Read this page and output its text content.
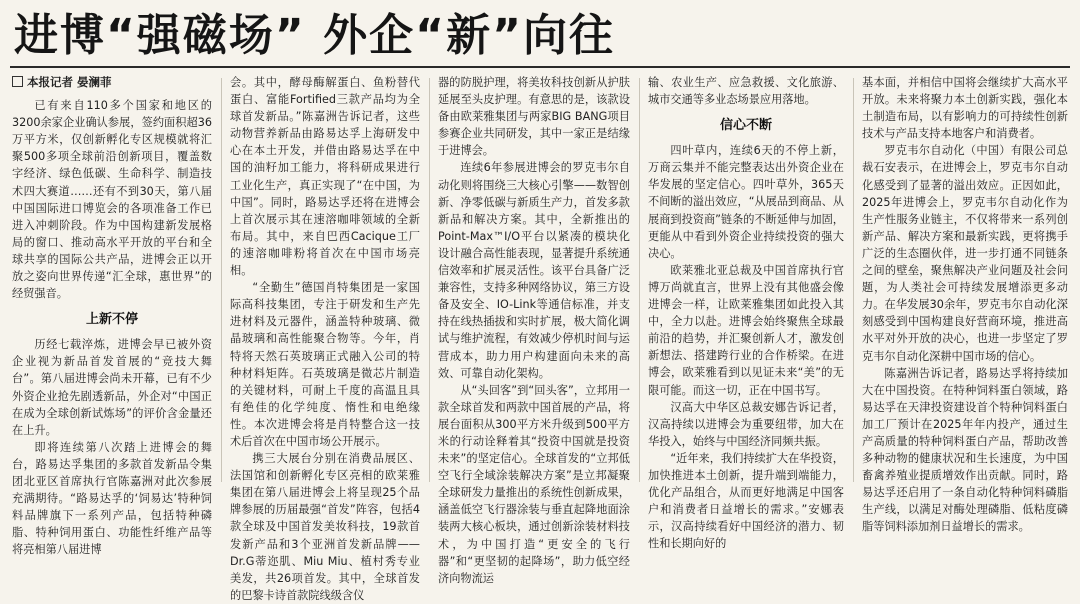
进博“强磁场” 外企“新”向往
本报记者 晏澜菲

已有来自110多个国家和地区的3200余家企业确认参展，签约面积超36万平方米，仅创新孵化专区规模就将汇聚500多项全球前沿创新项目，覆盖数字经济、绿色低碳、生命科学、制造技术四大赛道……还有不到30天，第八届中国国际进口博览会的各项准备工作已进入冲刺阶段。作为中国构建新发展格局的窗口、推动高水平开放的平台和全球共享的国际公共产品，进博会正以开放之姿向世界传递“汇全球，惠世界”的经贸强音。

上新不停

历经七载淬炼，进博会早已被外资企业视为新品首发首展的“竞技大舞台”。第八届进博会尚未开幕，已有不少外资企业抢先剧透新品，外企对“中国正在成为全球创新试炼场”的评价含金量还在上升。

即将连续第八次踏上进博会的舞台，路易达孚集团的多款首发新品令集团北亚区首席执行官陈嘉洲对此次参展充满期待。“路易达孚的‘饲易达’特种饲料品牌旗下一系列产品，包括特种磷脂、特种饲用蛋白、功能性纤维产品等将亮相第八届进博

会。其中，酵母酶解蛋白、鱼粉替代蛋白、富能Fortified三款产品均为全球首发新品。”陈嘉洲告诉记者，这些动物营养新品由路易达孚上海研发中心在本土开发，并借由路易达孚在中国的油籽加工能力，将科研成果进行工业化生产，真正实现了“在中国，为中国”。同时，路易达孚还将在进博会上首次展示其在速溶咖啡领域的全新布局。其中，来自巴西Cacique工厂的速溶咖啡粉将首次在中国市场亮相。

“全勤生”德国肖特集团是一家国际高科技集团，专注于研发和生产先进材料及元器件，涵盖特种玻璃、微晶玻璃和高性能聚合物等。今年，肖特将天然石英玻璃正式融入公司的特种材料矩阵。石英玻璃是微芯片制造的关键材料，可耐上千度的高温且具有绝佳的化学纯度、惰性和电绝缘性。本次进博会将是肖特整合这一技术后首次在中国市场公开展示。

携三大展台分别在消费品展区、法国馆和创新孵化专区亮相的欧莱雅集团在第八届进博会上将呈现25个品牌参展的历届最强“首发”阵容，包括4款全球及中国首发美妆科技，19款首发新产品和3个亚洲首发新品牌——Dr.G蒂迩肌、Miu Miu、植村秀专业美发，共26项首发。其中，全球首发的巴黎卡诗首款院线级含仪

器的防脱护理，将美妆科技创新从护肤延展至头皮护理。有意思的是，该款设备由欧莱雅集团与两家BIG BANG项目参赛企业共同研发，其中一家正是结缘于进博会。

连续6年参展进博会的罗克韦尔自动化则将围绕三大核心引擎——数智创新、净零低碳与新质生产力，首发多款新品和解决方案。其中，全新推出的Point-Max™I/O平台以紧凑的模块化设计融合高性能表现，显著提升系统通信效率和扩展灵活性。该平台具备广泛兼容性，支持多种网络协议，第三方设备及安全、IO-Link等通信标准，并支持在线热插拔和实时扩展，极大简化调试与维护流程，有效减少停机时间与运营成本，助力用户构建面向未来的高效、可靠自动化架构。

从“头回客”到“回头客”，立邦用一款全球首发和两款中国首展的产品，将展台面积从300平方米升级到500平方米的行动诠释着其“投资中国就是投资未来”的坚定信心。全球首发的“立邦低空飞行全域涂装解决方案”是立邦凝聚全球研发力量推出的系统性创新成果，涵盖低空飞行器涂装与垂直起降地面涂装两大核心板块，通过创新涂装材料技术，为中国打造“更安全的飞行器”和“更坚韧的起降场”，助力低空经济向物流运

输、农业生产、应急救援、文化旅游、城市交通等多业态场景应用落地。

信心不断

四叶草内，连续6天的不停上新，万商云集并不能完整表达出外资企业在华发展的坚定信心。四叶草外，365天不间断的溢出效应，“从展品到商品、从展商到投资商”链条的不断延伸与加固，更能从中看到外资企业持续投资的强大决心。

欧莱雅北亚总裁及中国首席执行官博万尚就直言，世界上没有其他盛会像进博会一样，让欧莱雅集团如此投入其中，全力以赴。进博会始终聚焦全球最前沿的趋势，并汇聚创新人才，激发创新想法、搭建跨行业的合作桥梁。在进博会，欧莱雅看到以见证未来“美”的无限可能。而这一切，正在中国书写。

汉高大中华区总裁安娜告诉记者，汉高持续以进博会为重要纽带，加大在华投入，始终与中国经济同频共振。

“近年来，我们持续扩大在华投资，加快推进本土创新，提升端到端能力，优化产品组合，从而更好地满足中国客户和消费者日益增长的需求。”安娜表示，汉高持续看好中国经济的潜力、韧性和长期向好的

基本面，并相信中国将会继续扩大高水平开放。未来将聚力本土创新实践，强化本土制造布局，以有影响力的可持续性创新技术与产品支持本地客户和消费者。

罗克韦尔自动化（中国）有限公司总裁石安表示，在进博会上，罗克韦尔自动化感受到了显著的溢出效应。正因如此，2025年进博会上，罗克韦尔自动化作为生产性服务业链主，不仅将带来一系列创新产品、解决方案和最新实践，更将携手广泛的生态圈伙伴，进一步打通不同链条之间的壁垒，聚焦解决产业问题及社会问题，为人类社会可持续发展增添更多动力。在华发展30余年，罗克韦尔自动化深刻感受到中国构建良好营商环境，推进高水平对外开放的决心，也进一步坚定了罗克韦尔自动化深耕中国市场的信心。

陈嘉洲告诉记者，路易达孚将持续加大在中国投资。在特种饲料蛋白领域，路易达孚在天津投资建设首个特种饲料蛋白加工厂预计在2025年年内投产，通过生产高质量的特种饲料蛋白产品，帮助改善多种动物的健康状况和生长速度，为中国畜禽养殖业提质增效作出贡献。同时，路易达孚还启用了一条自动化特种饲料磷脂生产线，以满足对酶处理磷脂、低粘度磷脂等饲料添加剂日益增长的需求。
